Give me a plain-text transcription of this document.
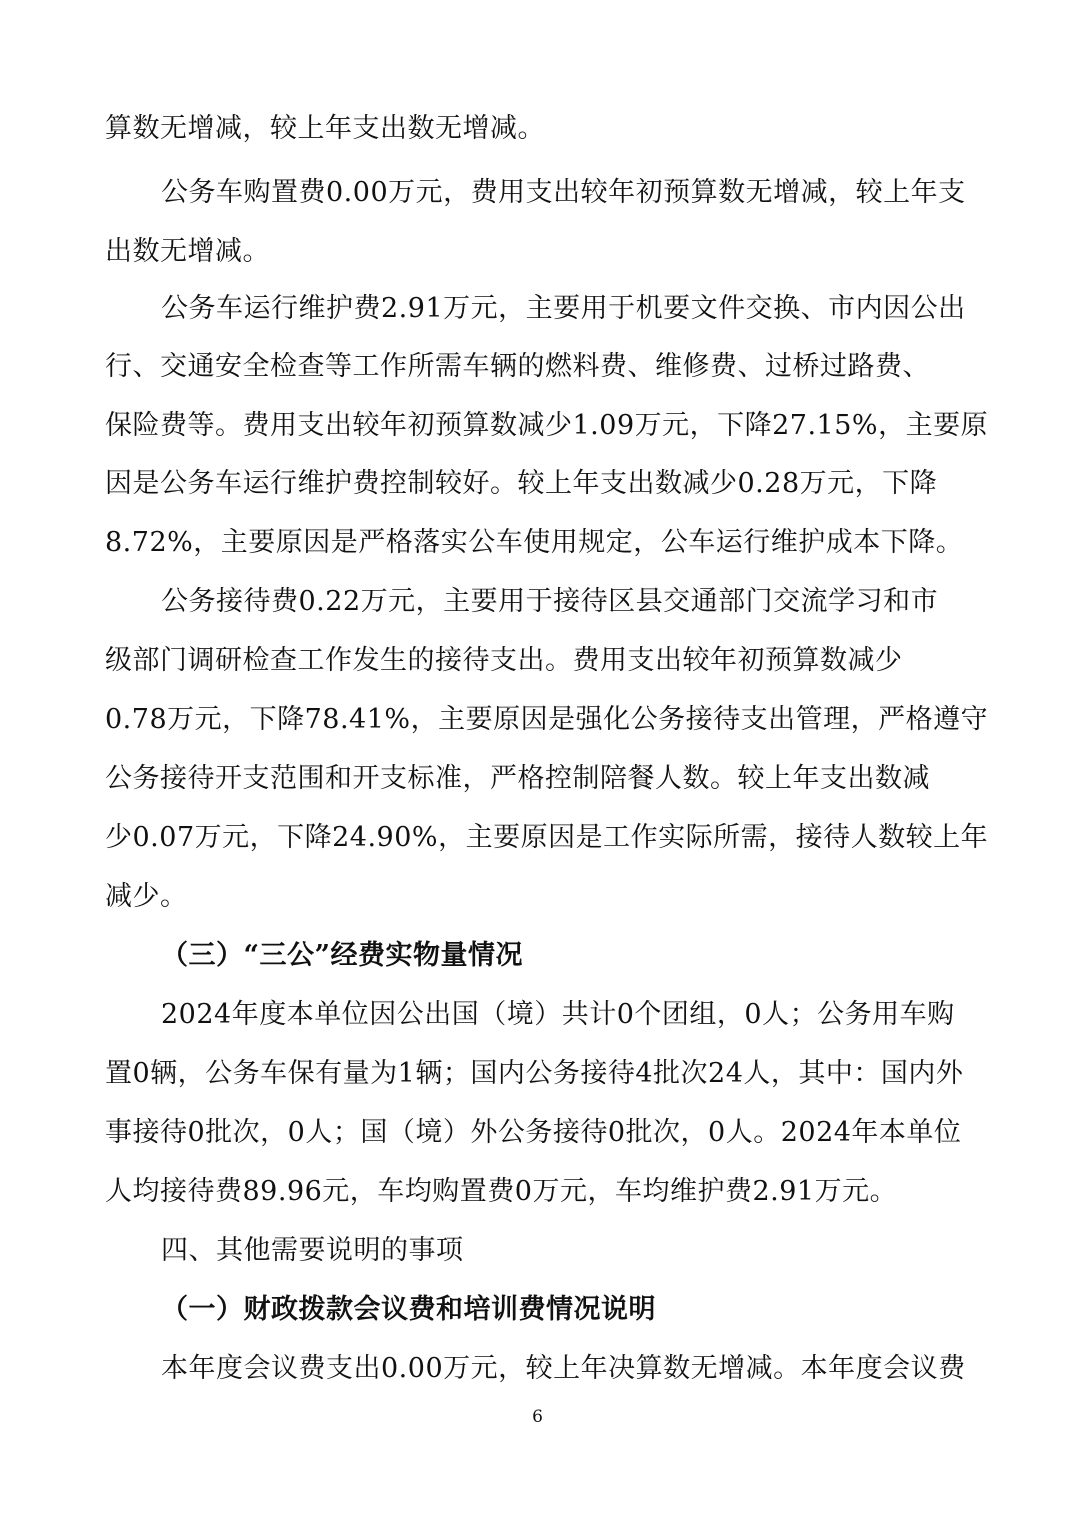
算数无增减，较上年支出数无增减。
公务车购置费0.00万元，费用支出较年初预算数无增减，较上年支
出数无增减。
公务车运行维护费2.91万元，主要用于机要文件交换、市内因公出
行、交通安全检查等工作所需车辆的燃料费、维修费、过桥过路费、
保险费等。费用支出较年初预算数减少1.09万元，下降27.15%，主要原
因是公务车运行维护费控制较好。较上年支出数减少0.28万元，下降
8.72%，主要原因是严格落实公车使用规定，公车运行维护成本下降。
公务接待费0.22万元，主要用于接待区县交通部门交流学习和市
级部门调研检查工作发生的接待支出。费用支出较年初预算数减少
0.78万元，下降78.41%，主要原因是强化公务接待支出管理，严格遵守
公务接待开支范围和开支标准，严格控制陪餐人数。较上年支出数减
少0.07万元，下降24.90%，主要原因是工作实际所需，接待人数较上年
减少。
（三）“三公”经费实物量情况
2024年度本单位因公出国（境）共计0个团组，0人；公务用车购
置0辆，公务车保有量为1辆；国内公务接待4批次24人，其中：国内外
事接待0批次，0人；国（境）外公务接待0批次，0人。2024年本单位
人均接待费89.96元，车均购置费0万元，车均维护费2.91万元。
四、其他需要说明的事项
（一）财政拨款会议费和培训费情况说明
本年度会议费支出0.00万元，较上年决算数无增减。本年度会议费
6
